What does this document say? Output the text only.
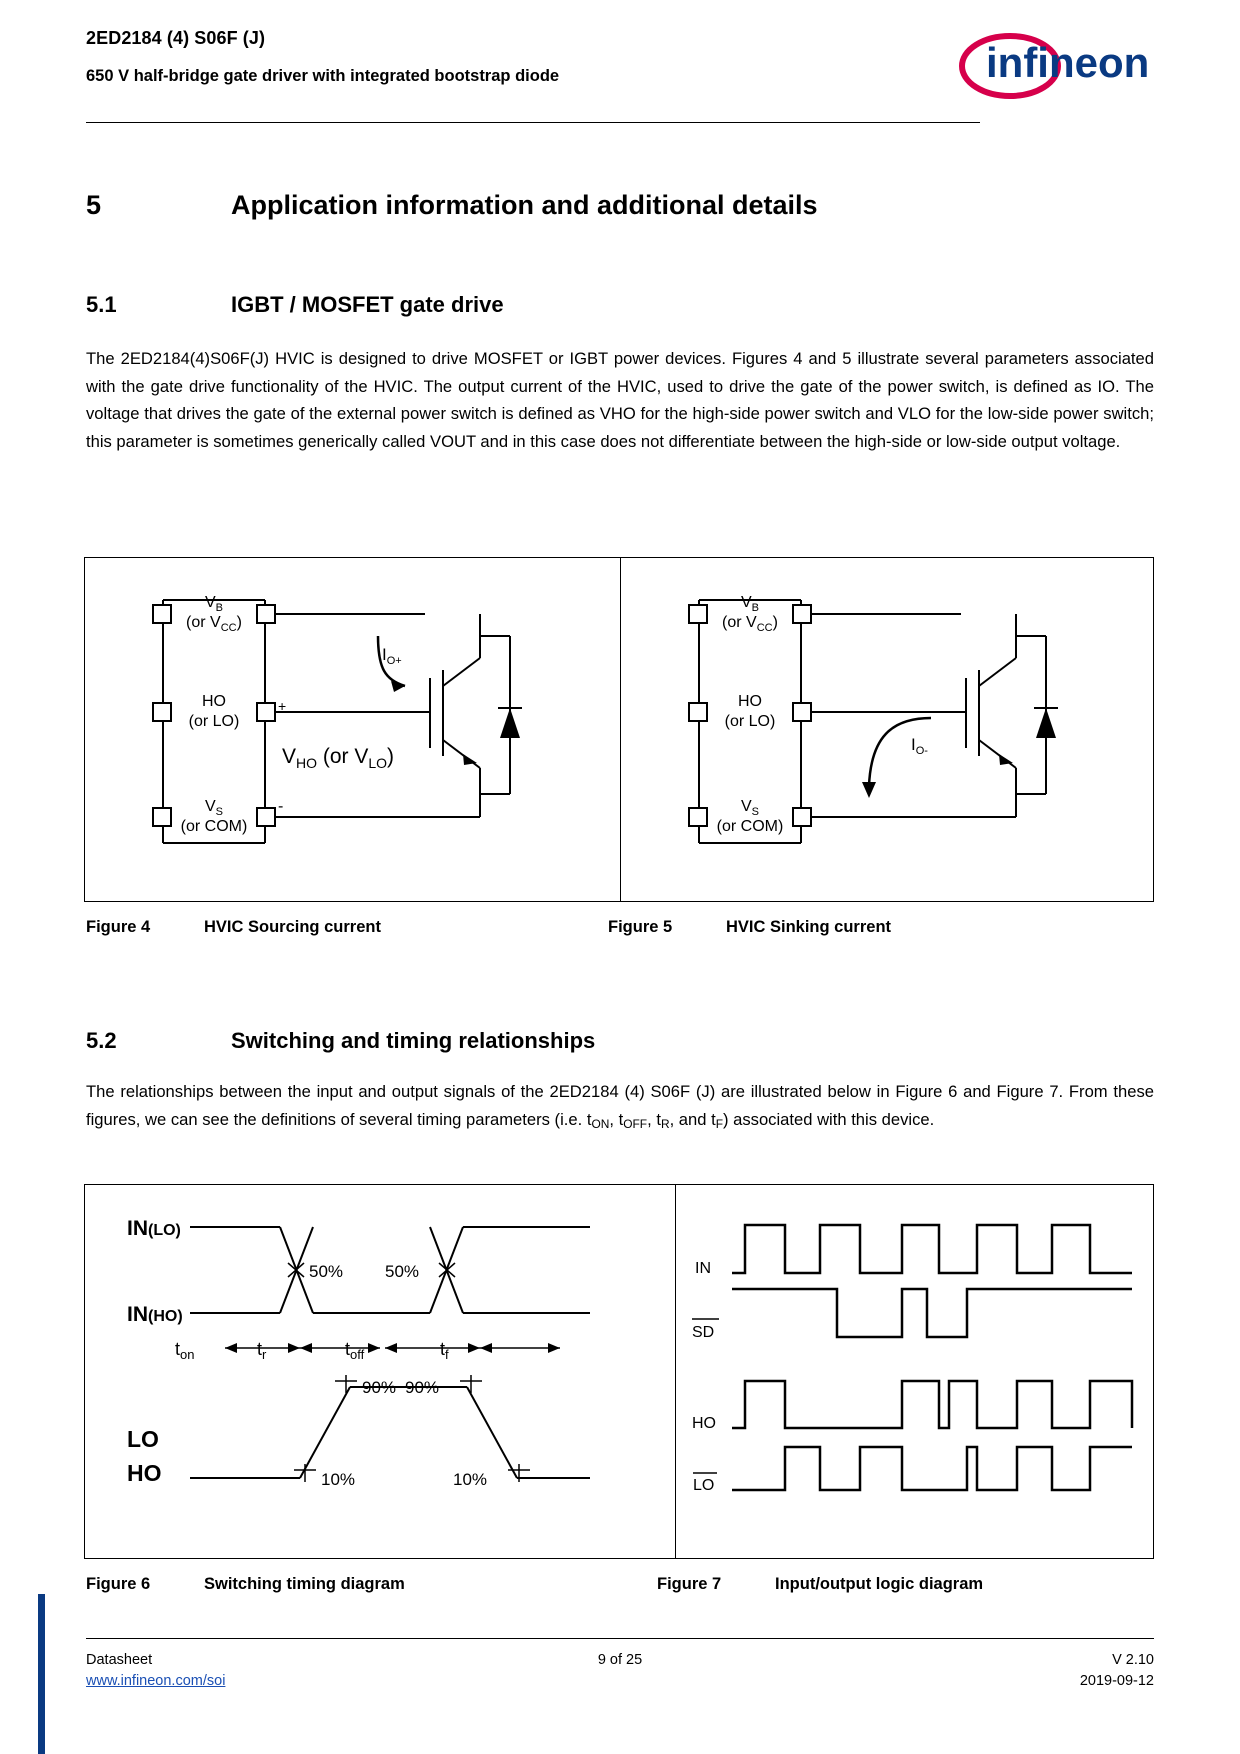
2ED2184 (4) S06F (J)
650 V half-bridge gate driver with integrated bootstrap diode	infineon
5	Application information and additional details
5.1	IGBT / MOSFET gate drive
The 2ED2184(4)S06F(J) HVIC is designed to drive MOSFET or IGBT power devices. Figures 4 and 5 illustrate several parameters associated with the gate drive functionality of the HVIC. The output current of the HVIC, used to drive the gate of the power switch, is defined as IO. The voltage that drives the gate of the external power switch is defined as VHO for the high-side power switch and VLO for the low-side power switch; this parameter is sometimes generically called VOUT and in this case does not differentiate between the high-side or low-side output voltage.
$V_B$
(or $V_{CC}$)
HO
(or LO)
$V_S$
(or COM)
$I_{O+}$
+
-
$V_{HO}$ (or $V_{LO}$)
$V_B$
(or $V_{CC}$)
HO
(or LO)
$V_S$
(or COM)
$I_{O-}$
Figure 4	HVIC Sourcing current	Figure 5	HVIC Sinking current
5.2	Switching and timing relationships
The relationships between the input and output signals of the 2ED2184 (4) S06F (J) are illustrated below in Figure 6 and Figure 7. From these figures, we can see the definitions of several timing parameters (i.e. $t_{ON}$, $t_{OFF}$, $t_R$, and $t_F$) associated with this device.
50% 50%
IN(LO)
IN(HO)
$t_{on}$	$t_r$	$t_{off}$	$t_f$
90% 90%
10%	10%
LO
HO
IN
SD
HO
LO
Figure 6	Switching timing diagram	Figure 7	Input/output logic diagram
Datasheet
www.infineon.com/soi
9 of 25	V 2.10
2019-09-12
